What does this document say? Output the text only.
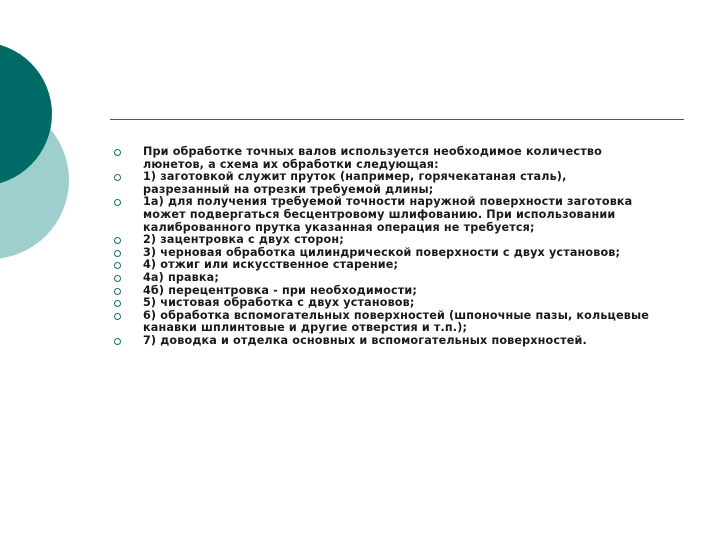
При обработке точных валов используется необходимое количество
люнетов, а схема их обработки следующая:
1) заготовкой служит пруток (например, горячекатаная сталь),
разрезанный на отрезки требуемой длины;
1а) для получения требуемой точности наружной поверхности заготовка
может подвергаться бесцентровому шлифованию. При использовании
калиброванного прутка указанная операция не требуется;
2) зацентровка с двух сторон;
3) черновая обработка цилиндрической поверхности с двух установов;
4) отжиг или искусственное старение;
4а) правка;
4б) перецентровка - при необходимости;
5) чистовая обработка с двух установов;
6) обработка вспомогательных поверхностей (шпоночные пазы, кольцевые
канавки шплинтовые и другие отверстия и т.п.);
7) доводка и отделка основных и вспомогательных поверхностей.
